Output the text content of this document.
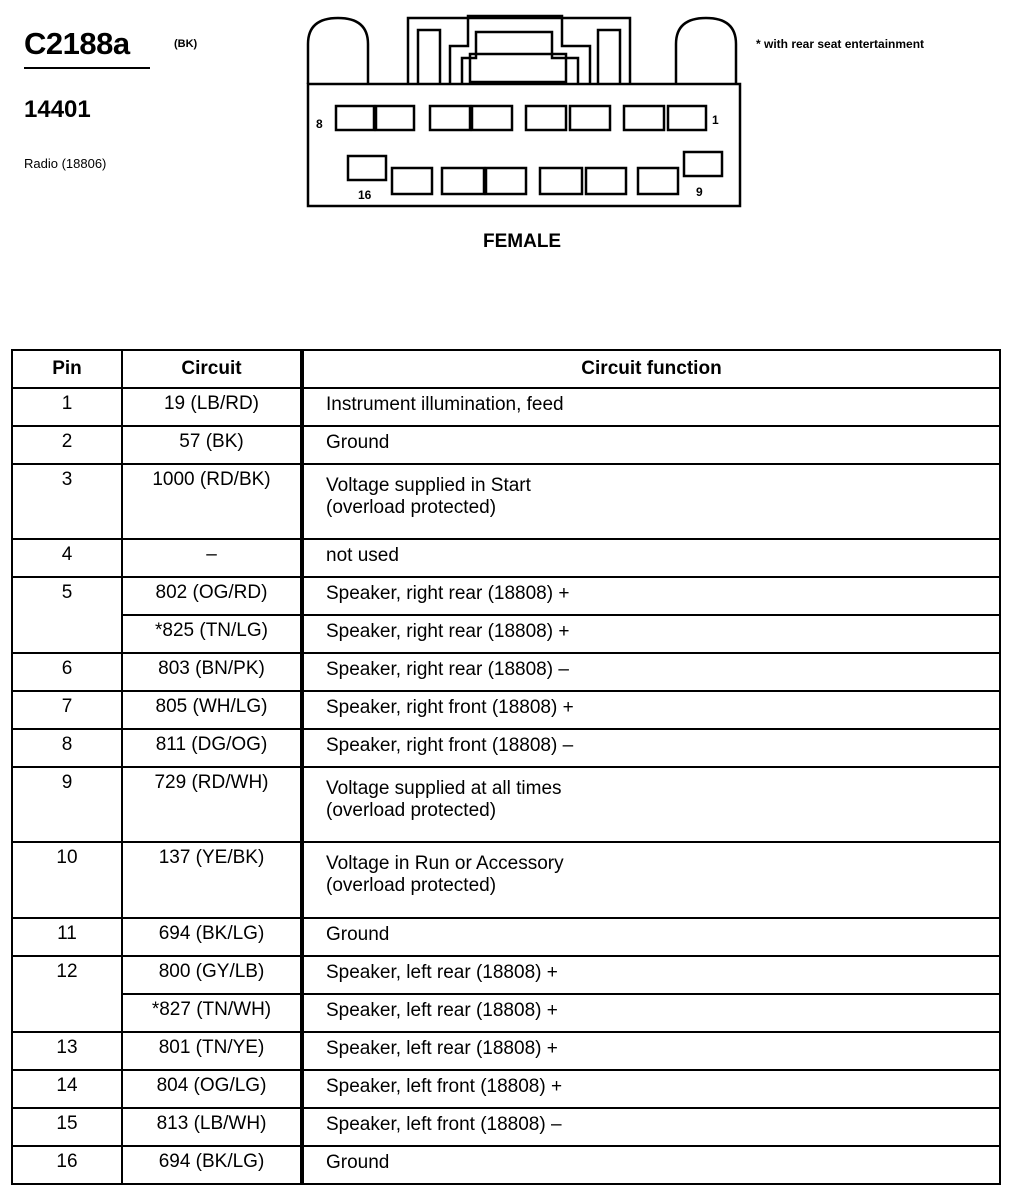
C2188a	(BK)
14401
Radio (18806)
* with rear seat entertainment
FEMALE
8	1
16	9
Pin	Circuit	Circuit function
1	19 (LB/RD)	Instrument illumination, feed

2	57 (BK)	Ground

3	1000 (RD/BK)	Voltage supplied in Start
(overload protected)

4	–	not used

5	802 (OG/RD)	Speaker, right rear (18808) +

	*825 (TN/LG)	Speaker, right rear (18808) +

6	803 (BN/PK)	Speaker, right rear (18808) –

7	805 (WH/LG)	Speaker, right front (18808) +

8	811 (DG/OG)	Speaker, right front (18808) –

9	729 (RD/WH)	Voltage supplied at all times
(overload protected)

10	137 (YE/BK)	Voltage in Run or Accessory
(overload protected)

11	694 (BK/LG)	Ground

12	800 (GY/LB)	Speaker, left rear (18808) +

	*827 (TN/WH)	Speaker, left rear (18808) +

13	801 (TN/YE)	Speaker, left rear (18808) +

14	804 (OG/LG)	Speaker, left front (18808) +

15	813 (LB/WH)	Speaker, left front (18808) –

16	694 (BK/LG)	Ground
